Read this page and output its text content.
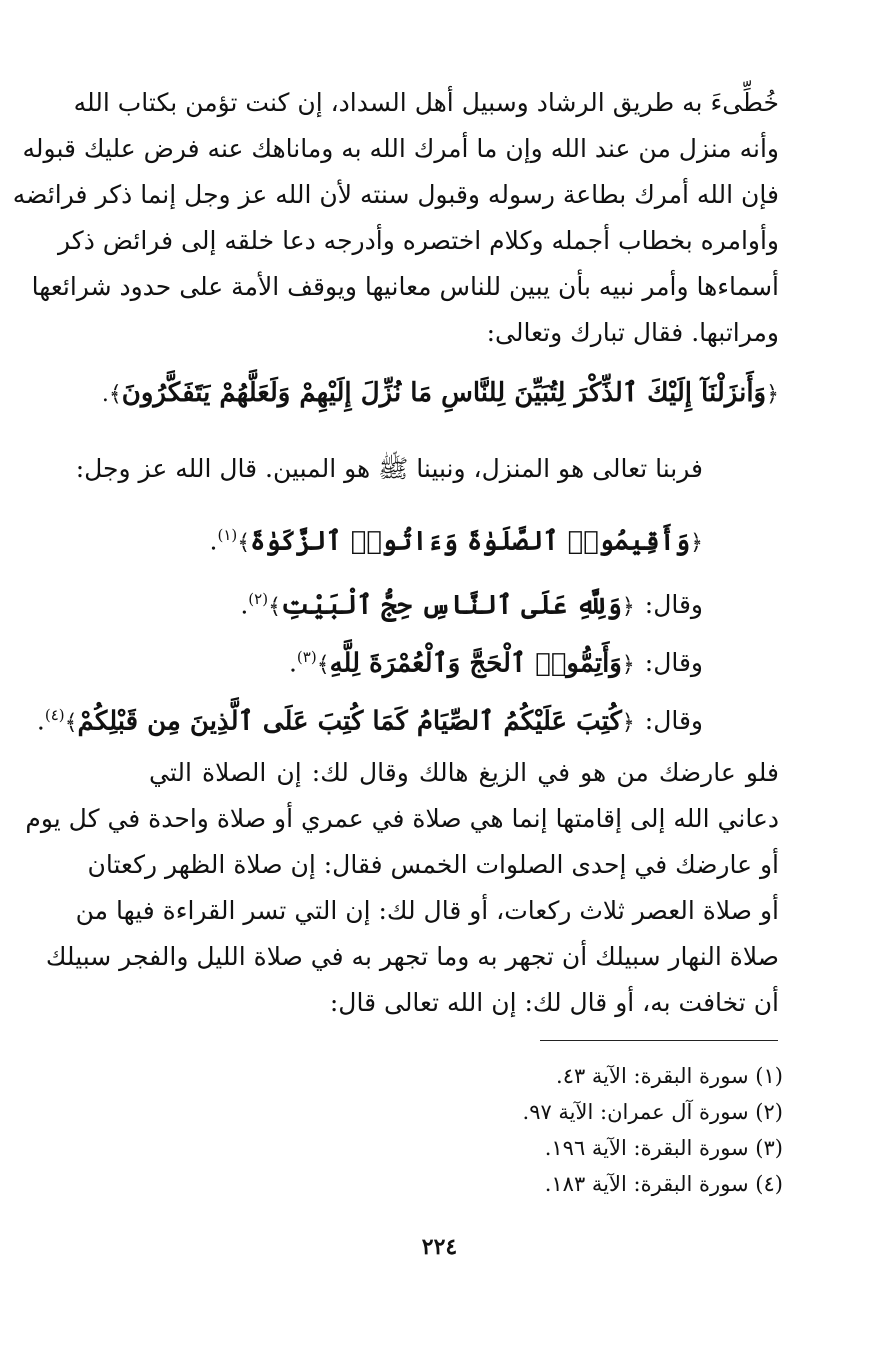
خُطِّىءَ به طريق الرشاد وسبيل أهل السداد، إن كنت تؤمن بكتاب الله
وأنه منزل من عند الله وإن ما أمرك الله به وماناهك عنه فرض عليك قبوله
فإن الله أمرك بطاعة رسوله وقبول سنته لأن الله عز وجل إنما ذكر فرائضه
وأوامره بخطاب أجمله وكلام اختصره وأدرجه دعا خلقه إلى فرائض ذكر
أسماءها وأمر نبيه بأن يبين للناس معانيها ويوقف الأمة على حدود شرائعها
ومراتبها. فقال تبارك وتعالى:
﴿وَأَنزَلْنَآ إِلَيْكَ ٱلذِّكْرَ لِتُبَيِّنَ لِلنَّاسِ مَا نُزِّلَ إِلَيْهِمْ وَلَعَلَّهُمْ يَتَفَكَّرُونَ﴾.
فربنا تعالى هو المنزل، ونبينا ﷺ هو المبين. قال الله عز وجل:
﴿وَأَقِيمُوا۟ ٱلصَّلَوٰةَ وَءَاتُوا۟ ٱلزَّكَوٰةَ﴾$^{(١)}$.
وقال:﴿وَلِلَّهِ عَلَى ٱلنَّاسِ حِجُّ ٱلْبَيْتِ﴾$^{(٢)}$.
وقال:﴿وَأَتِمُّوا۟ ٱلْحَجَّ وَٱلْعُمْرَةَ لِلَّهِ﴾$^{(٣)}$.
وقال:﴿كُتِبَ عَلَيْكُمُ ٱلصِّيَامُ كَمَا كُتِبَ عَلَى ٱلَّذِينَ مِن قَبْلِكُمْ﴾$^{(٤)}$.
فلو عارضك من هو في الزيغ هالك وقال لك: إن الصلاة التي
دعاني الله إلى إقامتها إنما هي صلاة في عمري أو صلاة واحدة في كل يوم
أو عارضك في إحدى الصلوات الخمس فقال: إن صلاة الظهر ركعتان
أو صلاة العصر ثلاث ركعات، أو قال لك: إن التي تسر القراءة فيها من
صلاة النهار سبيلك أن تجهر به وما تجهر به في صلاة الليل والفجر سبيلك
أن تخافت به، أو قال لك: إن الله تعالى قال:
(١) سورة البقرة: الآية ٤٣.
(٢) سورة آل عمران: الآية ٩٧.
(٣) سورة البقرة: الآية ١٩٦.
(٤) سورة البقرة: الآية ١٨٣.
٢٢٤
